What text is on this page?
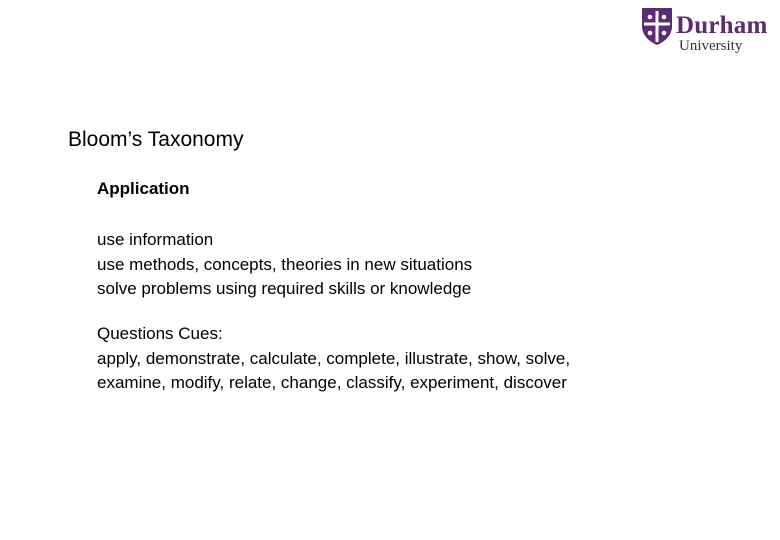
Durham
University
Bloom’s Taxonomy
Application
use information
use methods, concepts, theories in new situations
solve problems using required skills or knowledge
Questions Cues:
apply, demonstrate, calculate, complete, illustrate, show, solve,
examine, modify, relate, change, classify, experiment, discover
